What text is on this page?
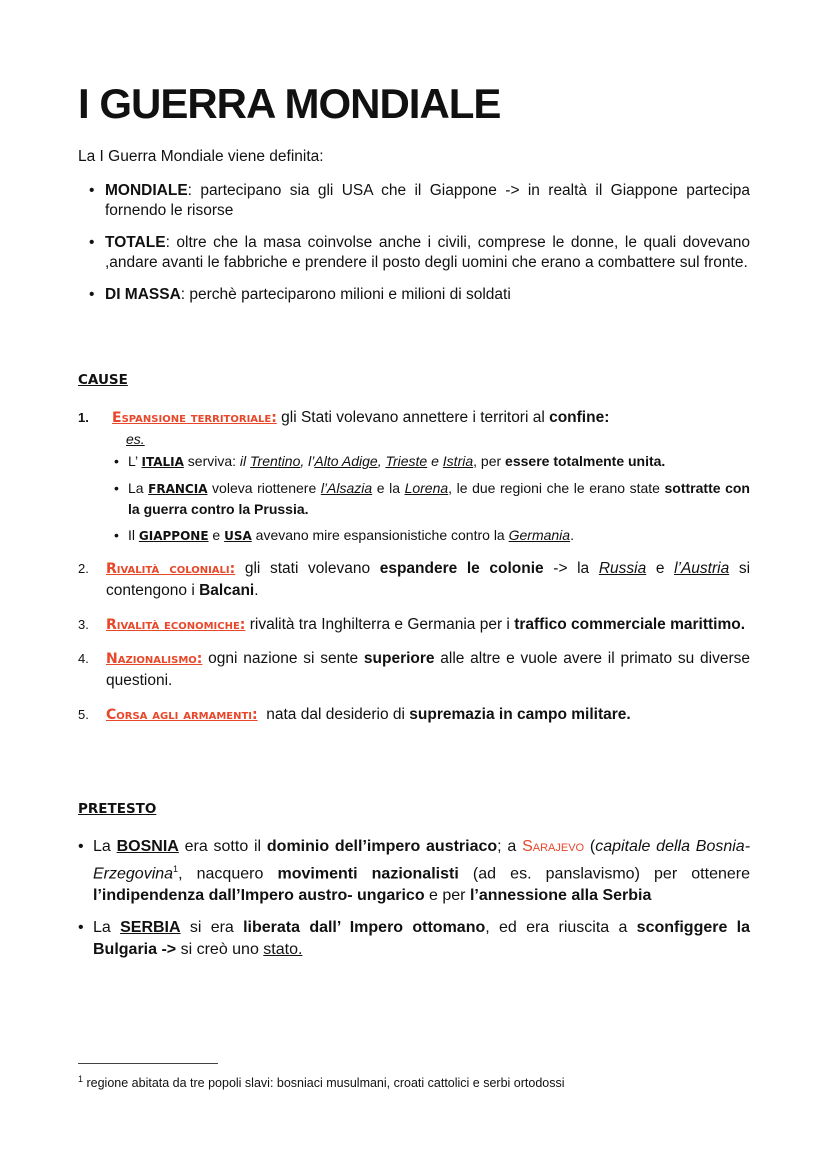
I GUERRA MONDIALE
La I Guerra Mondiale viene definita:
• MONDIALE: partecipano sia gli USA che il Giappone -> in realtà il Giappone partecipa fornendo le risorse
• TOTALE: oltre che la masa coinvolse anche i civili, comprese le donne, le quali dovevano ,andare avanti le fabbriche e prendere il posto degli uomini che erano a combattere sul fronte.
• DI MASSA: perchè parteciparono milioni e milioni di soldati
CAUSE
1. Espansione territoriale: gli Stati volevano annettere i territori al confine:
es.
• L’ ITALIA serviva: il Trentino, l’Alto Adige, Trieste e Istria, per essere totalmente unita.
• La FRANCIA voleva riottenere l’Alsazia e la Lorena, le due regioni che le erano state sottratte con la guerra contro la Prussia.
• Il GIAPPONE e USA avevano mire espansionistiche contro la Germania.
2. Rivalità coloniali: gli stati volevano espandere le colonie -> la Russia e l’Austria si contengono i Balcani.
3. Rivalità economiche: rivalità tra Inghilterra e Germania per i traffico commerciale marittimo.
4. Nazionalismo: ogni nazione si sente superiore alle altre e vuole avere il primato su diverse questioni.
5. Corsa agli armamenti:  nata dal desiderio di supremazia in campo militare.
PRETESTO
• La BOSNIA era sotto il dominio dell’impero austriaco; a Sarajevo (capitale della Bosnia-Erzegovina$^1$, nacquero movimenti nazionalisti (ad es. panslavismo) per ottenere l’indipendenza dall’Impero austro- ungarico e per l’annessione alla Serbia
• La SERBIA si era liberata dall’ Impero ottomano, ed era riuscita a sconfiggere la Bulgaria -> si creò uno stato.
$^1$ regione abitata da tre popoli slavi: bosniaci musulmani, croati cattolici e serbi ortodossi
